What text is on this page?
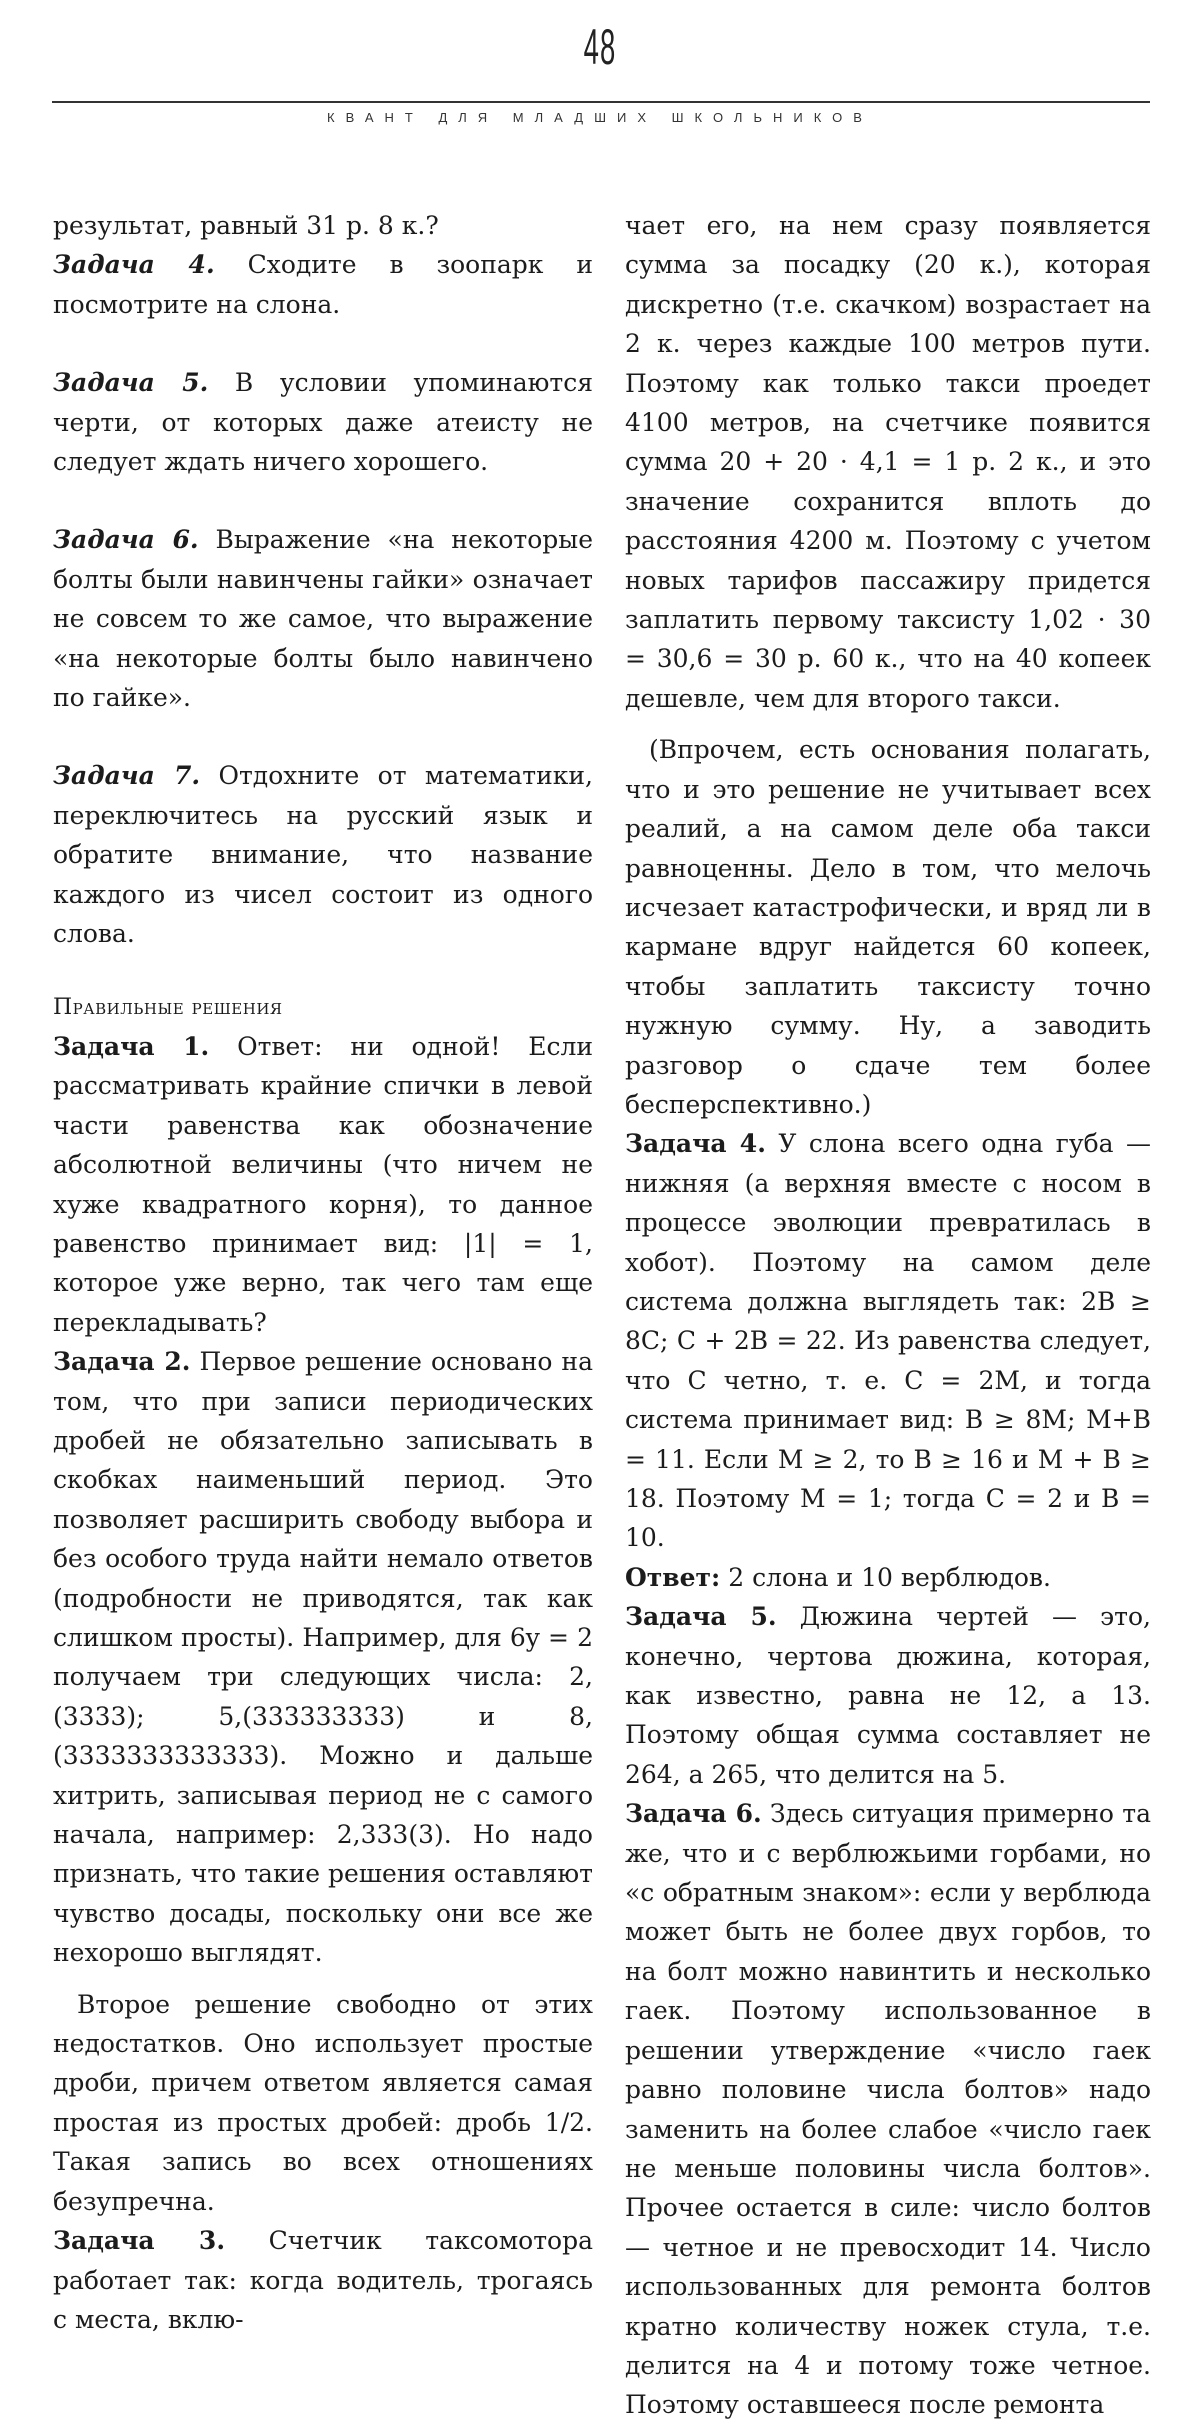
48
КВАНТ ДЛЯ МЛАДШИХ ШКОЛЬНИКОВ

результат, равный 31 р. 8 к.?

Задача 4. Сходите в зоопарк и посмотрите на слона.

Задача 5. В условии упоминаются черти, от которых даже атеисту не следует ждать ничего хорошего.

Задача 6. Выражение «на некоторые болты были навинчены гайки» означает не совсем то же самое, что выражение «на некоторые болты было навинчено по гайке».

Задача 7. Отдохните от математики, переключитесь на русский язык и обратите внимание, что название каждого из чисел состоит из одного слова.

Правильные решения

Задача 1. Ответ: ни одной! Если рассматривать крайние спички в левой части равенства как обозначение абсолютной величины (что ничем не хуже квадратного корня), то данное равенство принимает вид: |1| = 1, которое уже верно, так чего там еще перекладывать?

Задача 2. Первое решение основано на том, что при записи периодических дробей не обязательно записывать в скобках наименьший период. Это позволяет расширить свободу выбора и без особого труда найти немало ответов (подробности не приводятся, так как слишком просты). Например, для 6y = 2 получаем три следующих числа: 2,(3333); 5,(333333333) и 8,(3333333333333). Можно и дальше хитрить, записывая период не с самого начала, например: 2,333(3). Но надо признать, что такие решения оставляют чувство досады, поскольку они все же нехорошо выглядят.

Второе решение свободно от этих недостатков. Оно использует простые дроби, причем ответом является самая простая из простых дробей: дробь 1/2. Такая запись во всех отношениях безупречна.

Задача 3. Счетчик таксомотора работает так: когда водитель, трогаясь с места, вклю-

чает его, на нем сразу появляется сумма за посадку (20 к.), которая дискретно (т.е. скачком) возрастает на 2 к. через каждые 100 метров пути. Поэтому как только такси проедет 4100 метров, на счетчике появится сумма 20 + 20 · 4,1 = 1 р. 2 к., и это значение сохранится вплоть до расстояния 4200 м. Поэтому с учетом новых тарифов пассажиру придется заплатить первому таксисту 1,02 · 30 = 30,6 = 30 р. 60 к., что на 40 копеек дешевле, чем для второго такси.

(Впрочем, есть основания полагать, что и это решение не учитывает всех реалий, а на самом деле оба такси равноценны. Дело в том, что мелочь исчезает катастрофически, и вряд ли в кармане вдруг найдется 60 копеек, чтобы заплатить таксисту точно нужную сумму. Ну, а заводить разговор о сдаче тем более бесперспективно.)

Задача 4. У слона всего одна губа — нижняя (а верхняя вместе с носом в процессе эволюции превратилась в хобот). Поэтому на самом деле система должна выглядеть так: 2B ≥ 8C; C + 2B = 22. Из равенства следует, что C четно, т. е. C = 2M, и тогда система принимает вид: B ≥ 8M; M+B = 11. Если M ≥ 2, то B ≥ 16 и M + B ≥ 18. Поэтому M = 1; тогда C = 2 и B = 10.

Ответ: 2 слона и 10 верблюдов.

Задача 5. Дюжина чертей — это, конечно, чертова дюжина, которая, как известно, равна не 12, а 13. Поэтому общая сумма составляет не 264, а 265, что делится на 5.

Задача 6. Здесь ситуация примерно та же, что и с верблюжьими горбами, но «с обратным знаком»: если у верблюда может быть не более двух горбов, то на болт можно навинтить и несколько гаек. Поэтому использованное в решении утверждение «число гаек равно половине числа болтов» надо заменить на более слабое «число гаек не меньше половины числа болтов». Прочее остается в силе: число болтов — четное и не превосходит 14. Число использованных для ремонта болтов кратно количеству ножек стула, т.е. делится на 4 и потому тоже четное. Поэтому оставшееся после ремонта
